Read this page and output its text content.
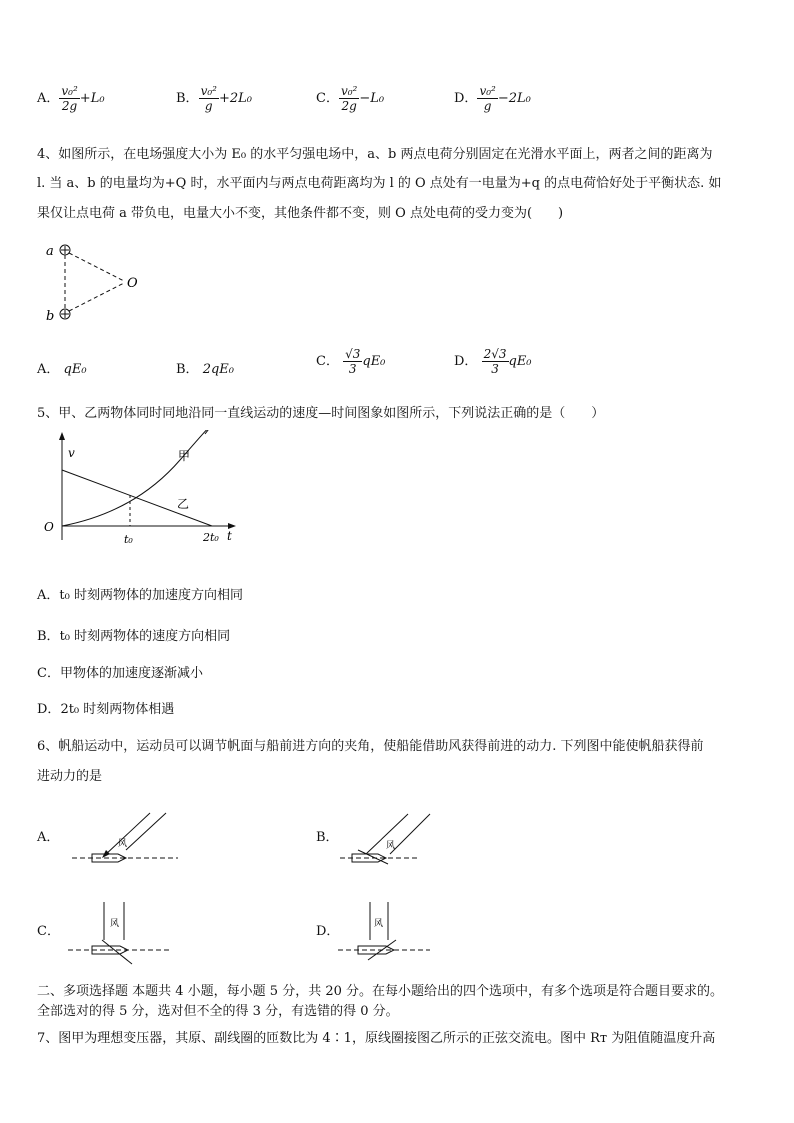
A． $\frac{\text{v₀²}}{2g} +L_0$	B． $\frac{\text{v₀²}}{g} +2L_0$	C． $\frac{\text{v₀²}}{2g} -L_0$	D． $\frac{\text{v₀²}}{g} -2L_0$
4、如图所示，在电场强度大小为 E₀ 的水平匀强电场中，a、b 两点电荷分别固定在光滑水平面上，两者之间的距离为
l. 当 a、b 的电量均为+Q 时，水平面内与两点电荷距离均为 l 的 O 点处有一电量为+q 的点电荷恰好处于平衡状态. 如
果仅让点电荷 a 带负电，电量大小不变，其他条件都不变，则 O 点处电荷的受力变为(　　)
a
b
O
A． qE₀	B． 2qE₀
C． $\frac{√3}{3} qE_0$	D． $\frac{2√3}{3} qE_0$
5、甲、乙两物体同时同地沿同一直线运动的速度—时间图象如图所示，下列说法正确的是（　　）
v
O
甲
乙
t₀	2t₀ t
A．t₀ 时刻两物体的加速度方向相同
B．t₀ 时刻两物体的速度方向相同
C．甲物体的加速度逐渐减小
D．2t₀ 时刻两物体相遇
6、帆船运动中，运动员可以调节帆面与船前进方向的夹角，使船能借助风获得前进的动力. 下列图中能使帆船获得前
进动力的是
A．	风	B．
风
C．	风	D．	风
二、多项选择题 本题共 4 小题，每小题 5 分，共 20 分。在每小题给出的四个选项中，有多个选项是符合题目要求的。
全部选对的得 5 分，选对但不全的得 3 分，有选错的得 0 分。
7、图甲为理想变压器，其原、副线圈的匝数比为 4∶1，原线圈接图乙所示的正弦交流电。图中 Rт 为阻值随温度升高
